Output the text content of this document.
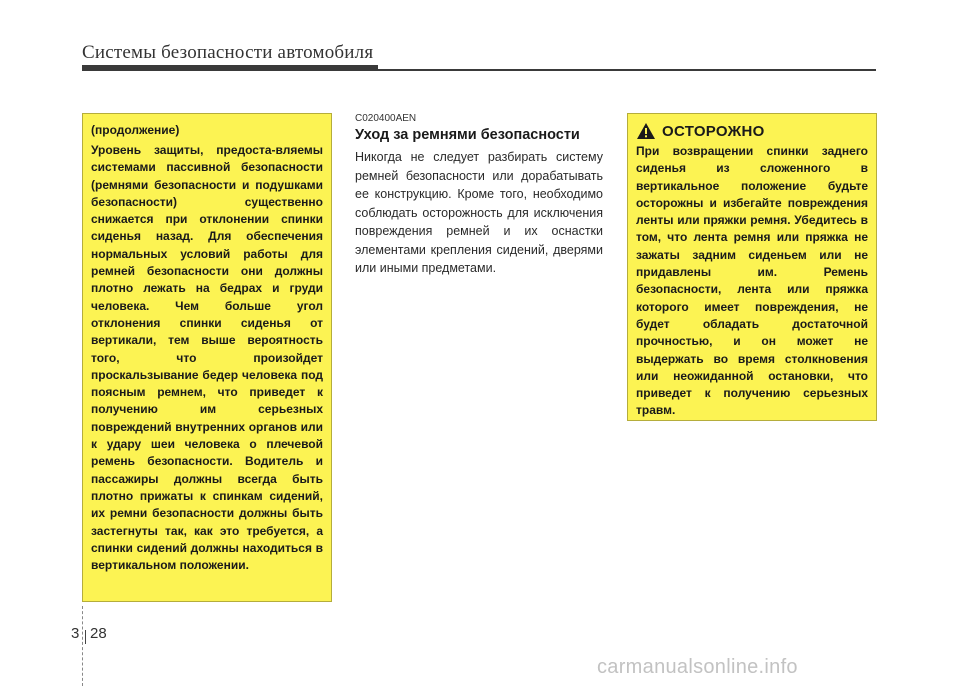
Системы безопасности автомобиля

(продолжение)

Уровень защиты, предоста-вляемы системами пассивной безопасности (ремнями безопасности и подушками безопасности) существенно снижается при отклонении спинки сиденья назад. Для обеспечения нормальных условий работы для ремней безопасности они должны плотно лежать на бедрах и груди человека. Чем больше угол отклонения спинки сиденья от вертикали, тем выше вероятность того, что произойдет проскальзывание бедер человека под поясным ремнем, что приведет к получению им серьезных повреждений внутренних органов или к удару шеи человека о плечевой ремень безопасности. Водитель и пассажиры должны всегда быть плотно прижаты к спинкам сидений, их ремни безопасности должны быть застегнуты так, как это требуется, а спинки сидений должны находиться в вертикальном положении.

C020400AEN
Уход за ремнями безопасности

Никогда не следует разбирать систему ремней безопасности или дорабатывать ее конструкцию. Кроме того, необходимо соблюдать осторожность для исключения повреждения ремней и их оснастки элементами крепления сидений, дверями или иными предметами.

ОСТОРОЖНО

При возвращении спинки заднего сиденья из сложенного в вертикальное положение будьте осторожны и избегайте повреждения ленты или пряжки ремня. Убедитесь в том, что лента ремня или пряжка не зажаты задним сиденьем или не придавлены им. Ремень безопасности, лента или пряжка которого имеет повреждения, не будет обладать достаточной прочностью, и он может не выдержать во время столкновения или неожиданной остановки, что приведет к получению серьезных травм.

3 28
carmanualsonline.info
